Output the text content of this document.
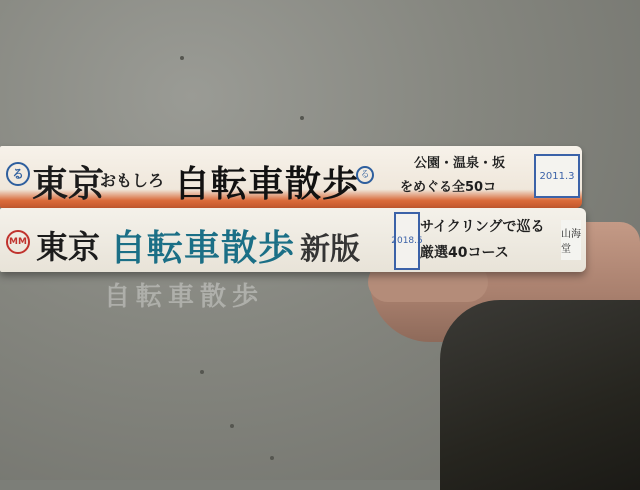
る 東京
おもしろ 自転車散歩 る
公園・温泉・坂
をめぐる全50コ
2011.3
MM 東京 自転車散歩 新版	2018.5
サイクリングで巡る
厳選40コース
山海堂
自転車散歩
